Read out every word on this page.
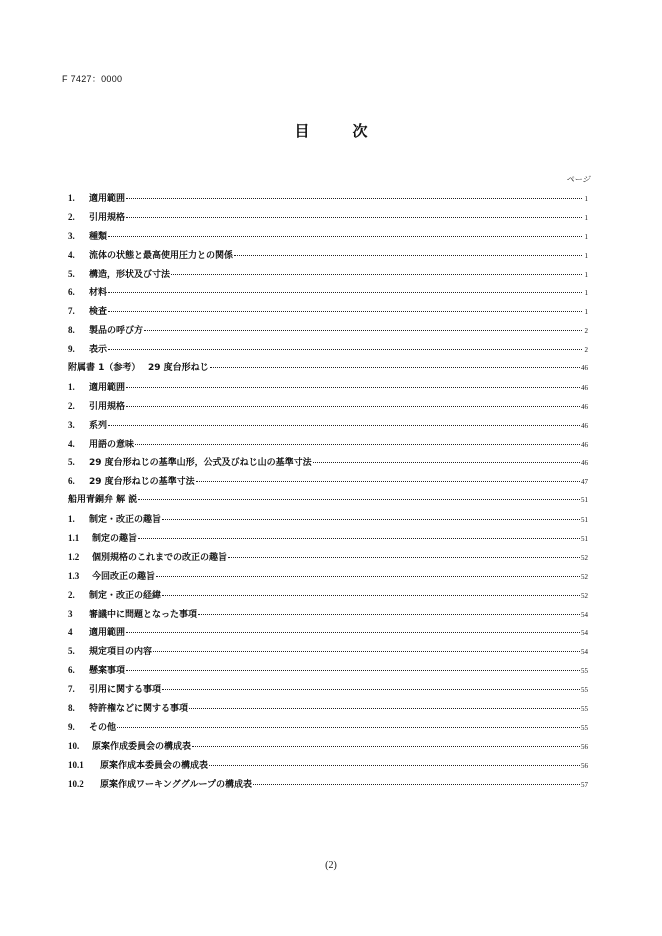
F 7427：0000
目　次
ページ
1.	適用範囲	1
2.	引用規格	1
3.	種類	1
4.	流体の状態と最高使用圧力との関係	1
5.	構造，形状及び寸法	1
6.	材料	1
7.	検査	1
8.	製品の呼び方	2
9.	表示	2
附属書 1（参考）　 29 度台形ねじ	46
1.	適用範囲	46
2.	引用規格	46
3.	系列	46
4.	用語の意味	46
5.	29 度台形ねじの基準山形，公式及びねじ山の基準寸法	46
6.	29 度台形ねじの基準寸法	47
船用青銅弁 解 説	51
1.	制定・改正の趣旨	51
1.1	制定の趣旨	51
1.2	個別規格のこれまでの改正の趣旨	52
1.3	今回改正の趣旨	52
2.	制定・改正の経緯	52
3	審議中に問題となった事項	54
4	適用範囲	54
5.	規定項目の内容	54
6.	懸案事項	55
7.	引用に関する事項	55
8.	特許権などに関する事項	55
9.	その他	55
10.	原案作成委員会の構成表	56
10.1	原案作成本委員会の構成表	56
10.2	原案作成ワーキンググループの構成表	57
(2)
